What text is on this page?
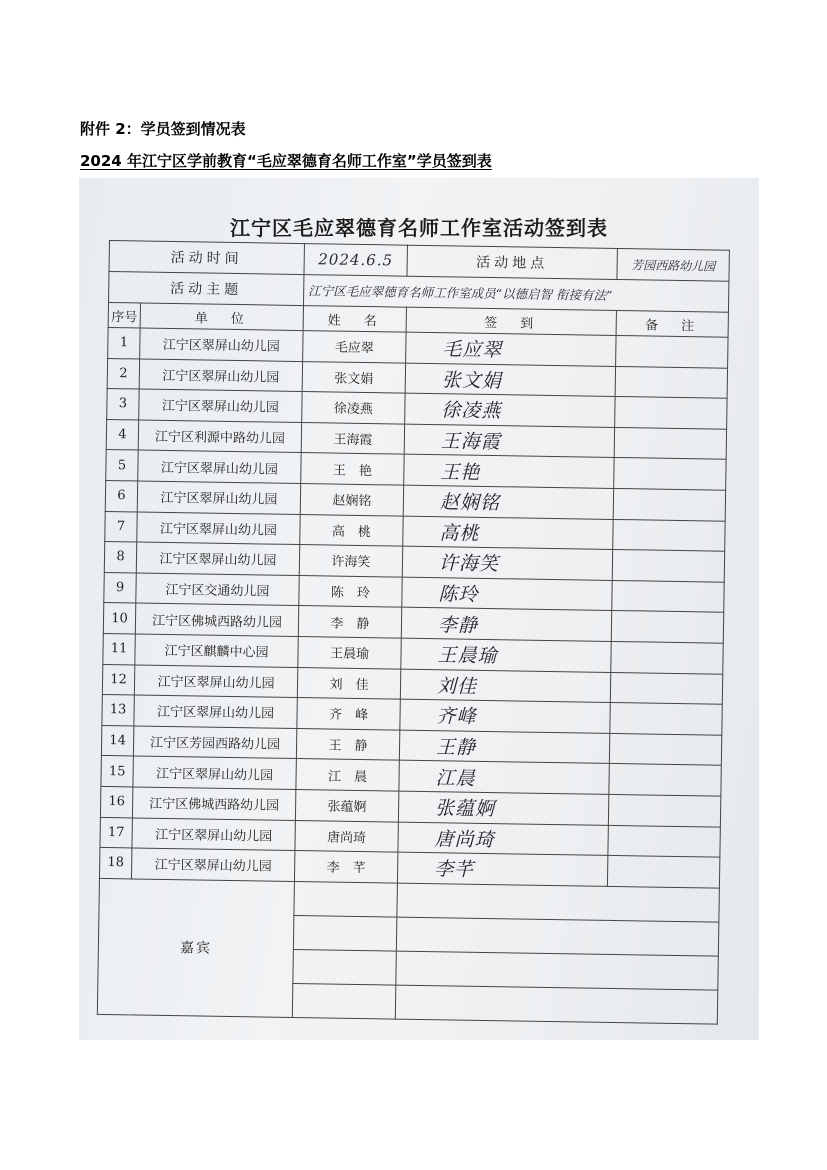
附件 2：学员签到情况表
2024 年江宁区学前教育“毛应翠德育名师工作室”学员签到表
江宁区毛应翠德育名师工作室活动签到表
活动时间		2024.6.5	活动地点	芳园西路幼儿园
活动主题		江宁区毛应翠德育名师工作室成员“以德启智 衔接有法”		
序号	单　位	姓　名	签　到	备　注
1	江宁区翠屏山幼儿园	毛应翠	毛应翠	
2	江宁区翠屏山幼儿园	张文娟	张文娟	
3	江宁区翠屏山幼儿园	徐凌燕	徐凌燕	
4	江宁区利源中路幼儿园	王海霞	王海霞	
5	江宁区翠屏山幼儿园	王　艳	王艳	
6	江宁区翠屏山幼儿园	赵娴铭	赵娴铭	
7	江宁区翠屏山幼儿园	高　桃	高桃	
8	江宁区翠屏山幼儿园	许海笑	许海笑	
9	江宁区交通幼儿园	陈　玲	陈玲	
10	江宁区佛城西路幼儿园	李　静	李静	
11	江宁区麒麟中心园	王晨瑜	王晨瑜	
12	江宁区翠屏山幼儿园	刘　佳	刘佳	
13	江宁区翠屏山幼儿园	齐　峰	齐峰	
14	江宁区芳园西路幼儿园	王　静	王静	
15	江宁区翠屏山幼儿园	江　晨	江晨	
16	江宁区佛城西路幼儿园	张蕴婀	张蕴婀	
17	江宁区翠屏山幼儿园	唐尚琦	唐尚琦	
18	江宁区翠屏山幼儿园	李　芊	李芊	
嘉宾				
